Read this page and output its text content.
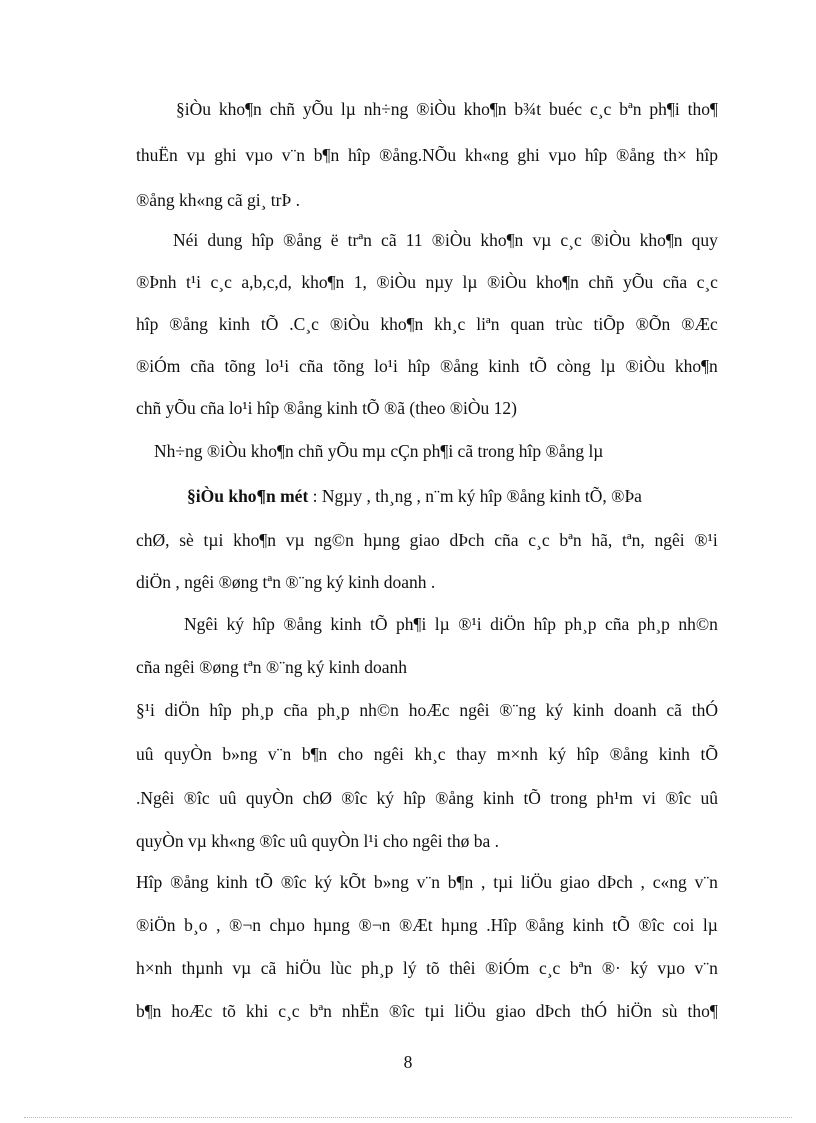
§iÒu kho¶n chñ yÕu lµ nh÷ng ®iÒu kho¶n b¾t buéc c¸c bªn ph¶i tho¶
thuËn vµ ghi vµo v¨n b¶n hîp ®ång.NÕu kh«ng ghi vµo hîp ®ång th× hîp
®ång kh«ng cã gi¸ trÞ .
Néi dung hîp ®ång ë trªn cã 11 ®iÒu kho¶n vµ c¸c ®iÒu kho¶n quy
®Þnh t¹i c¸c a,b,c,d, kho¶n 1, ®iÒu nµy lµ ®iÒu kho¶n chñ yÕu cña c¸c
hîp ®ång kinh tÕ .C¸c ®iÒu kho¶n kh¸c liªn quan trùc tiÕp ®Õn ®Æc
®iÓm cña tõng lo¹i cña tõng lo¹i hîp ®ång kinh tÕ còng lµ ®iÒu kho¶n
chñ yÕu cña lo¹i hîp ®ång kinh tÕ ®ã (theo ®iÒu 12)
Nh÷ng ®iÒu kho¶n chñ yÕu mµ cÇn ph¶i cã trong hîp ®ång lµ
§iÒu kho¶n mét : Ngµy , th¸ng , n¨m ký hîp ®ång kinh tÕ, ®Þa
chØ, sè tµi kho¶n vµ ng©n hµng giao dÞch cña c¸c bªn hã, tªn, ngêi ®¹i
diÖn , ngêi ®øng tªn ®¨ng ký kinh doanh .
Ngêi ký hîp ®ång kinh tÕ ph¶i lµ ®¹i diÖn hîp ph¸p cña ph¸p nh©n
cña ngêi ®øng tªn ®¨ng ký kinh doanh
§¹i diÖn hîp ph¸p cña ph¸p nh©n hoÆc ngêi ®¨ng ký kinh doanh cã thÓ
uû quyÒn b»ng v¨n b¶n cho ngêi kh¸c thay m×nh ký hîp ®ång kinh tÕ
.Ngêi ®îc uû quyÒn chØ ®îc ký hîp ®ång kinh tÕ trong ph¹m vi ®îc uû
quyÒn vµ kh«ng ®îc uû quyÒn l¹i cho ngêi thø ba .
Hîp ®ång kinh tÕ ®îc ký kÕt b»ng v¨n b¶n , tµi liÖu giao dÞch , c«ng v¨n
®iÖn b¸o , ®¬n chµo hµng ®¬n ®Æt hµng .Hîp ®ång kinh tÕ ®îc coi lµ
h×nh thµnh vµ cã hiÖu lùc ph¸p lý tõ thêi ®iÓm c¸c bªn ®· ký vµo v¨n
b¶n hoÆc tõ khi c¸c bªn nhËn ®îc tµi liÖu giao dÞch thÓ hiÖn sù tho¶
8
